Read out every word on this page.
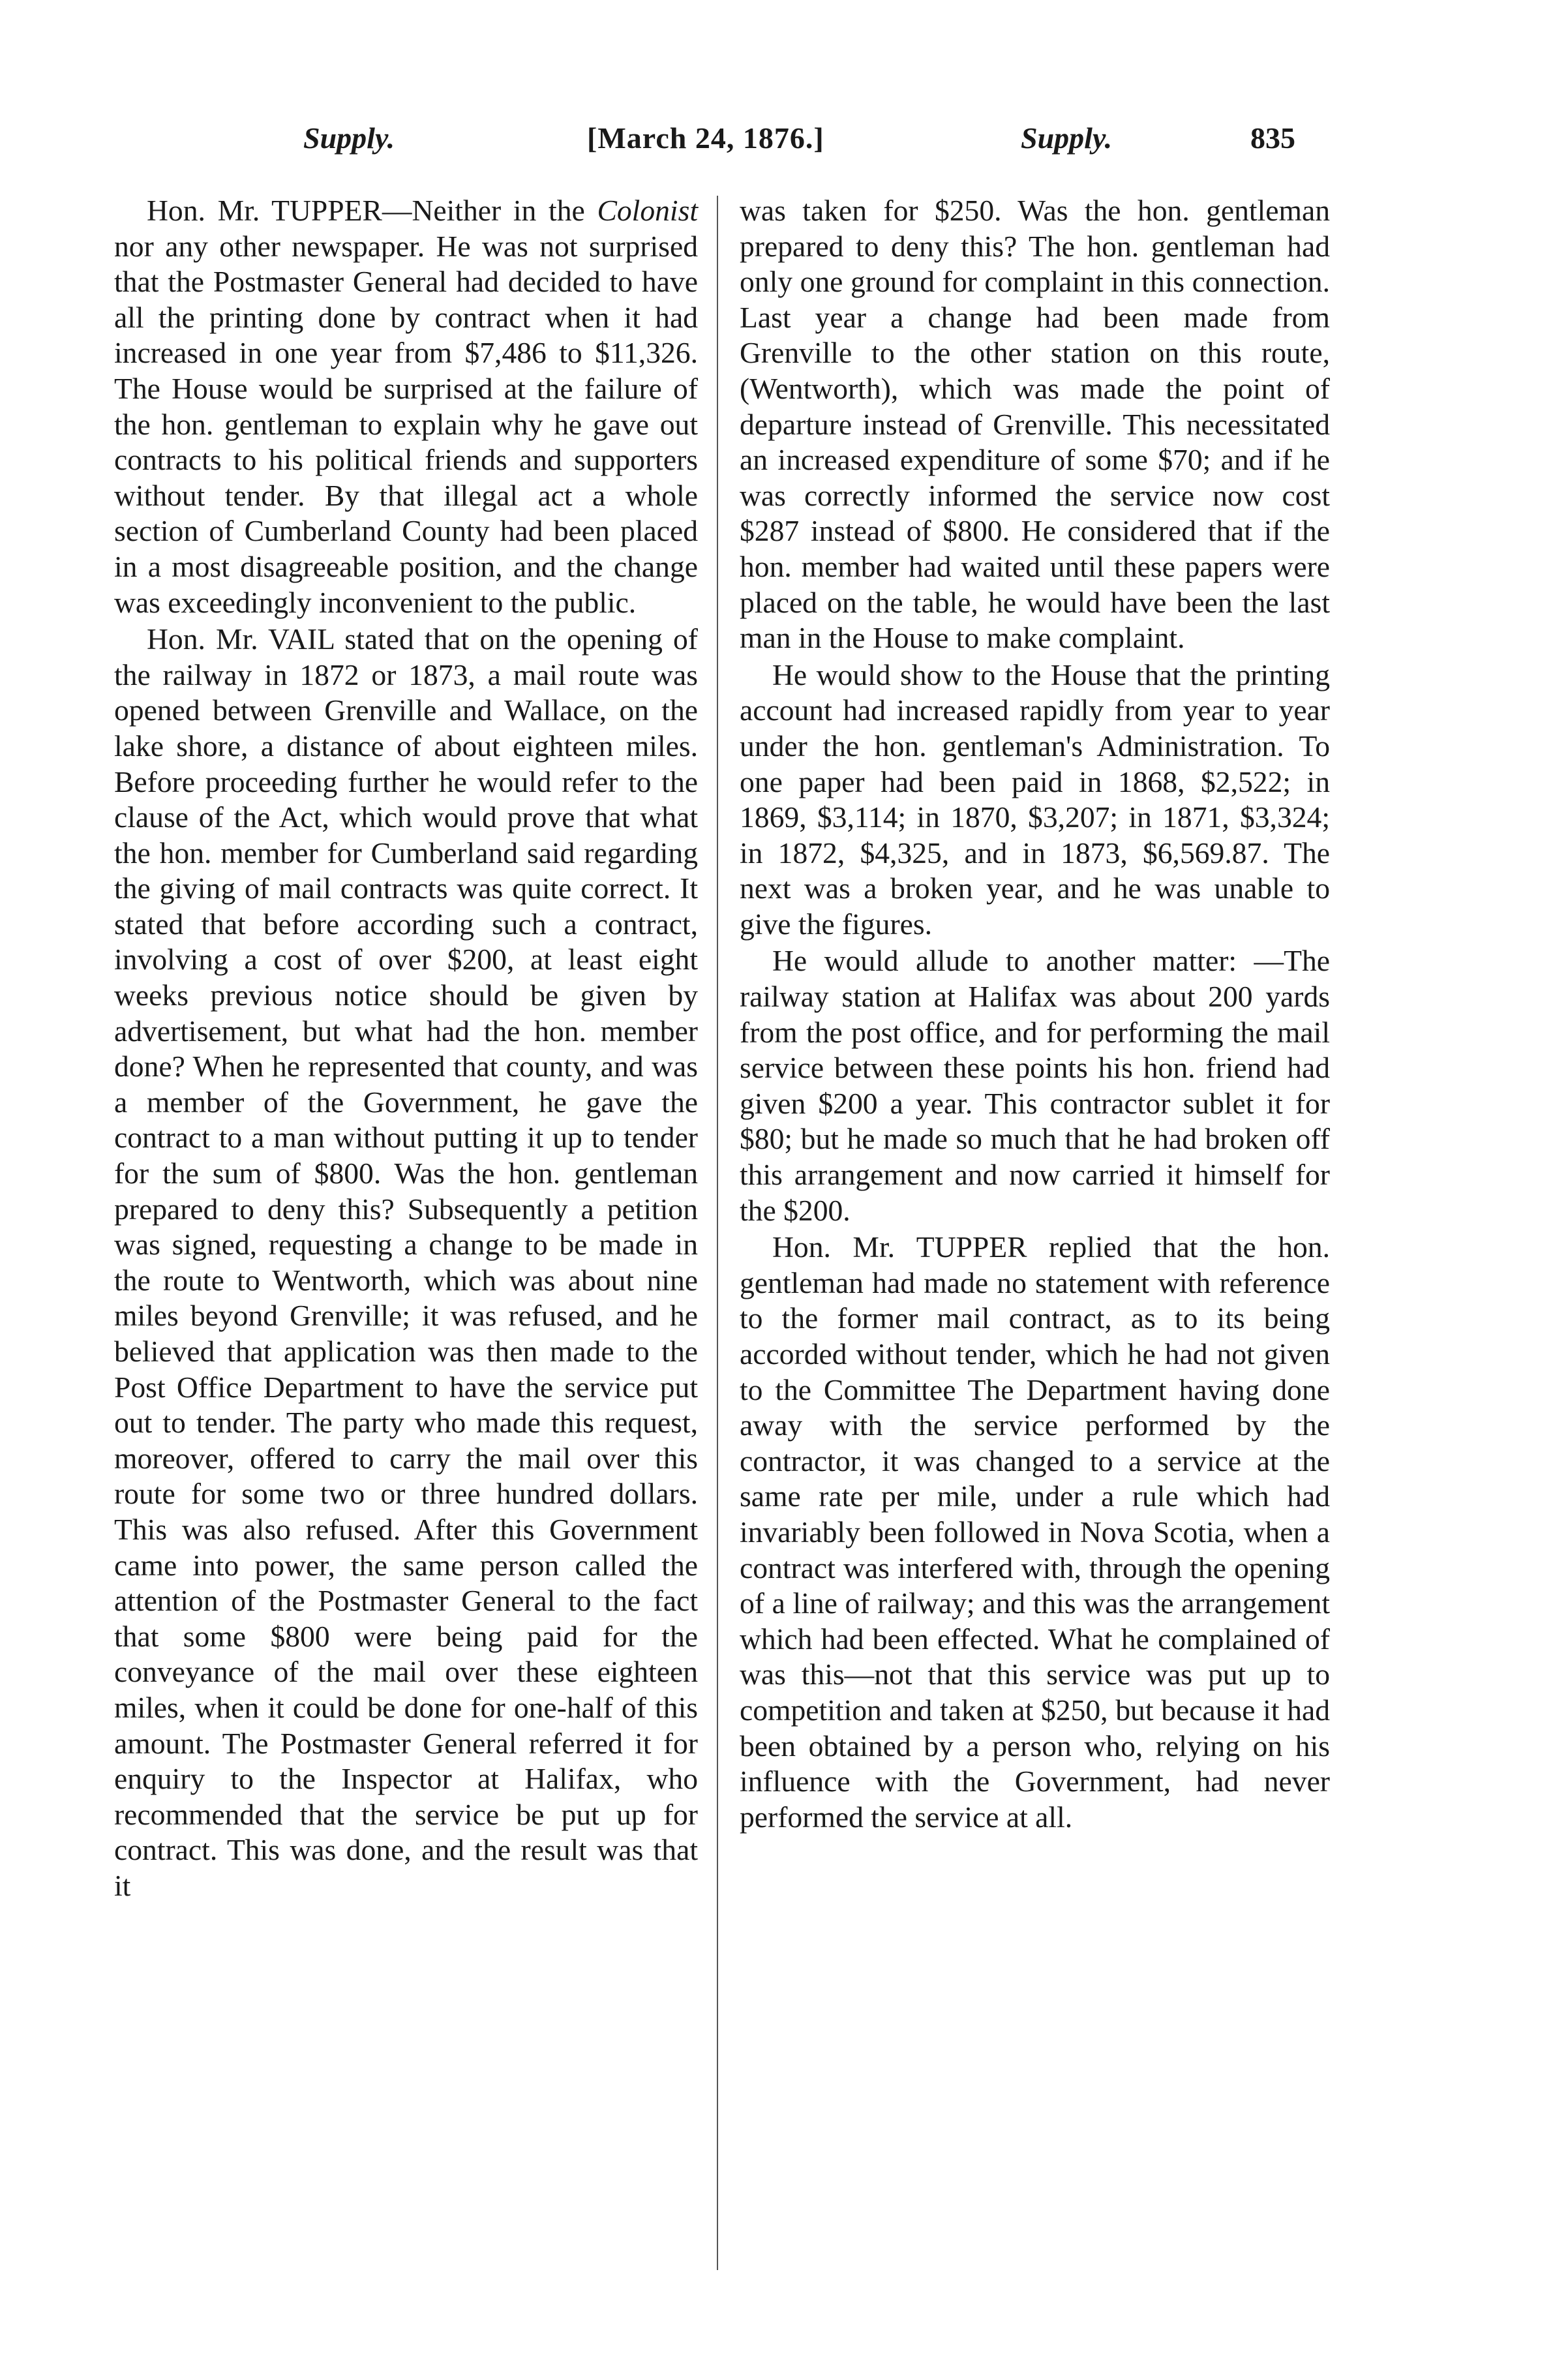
Supply.	[March 24, 1876.]	Supply.	835

Hon. Mr. TUPPER—Neither in the Colonist nor any other newspaper. He was not surprised that the Postmaster General had decided to have all the printing done by contract when it had increased in one year from $7,486 to $11,326. The House would be surprised at the failure of the hon. gentleman to explain why he gave out contracts to his political friends and supporters without tender. By that illegal act a whole section of Cumberland County had been placed in a most disagreeable position, and the change was exceedingly inconvenient to the public.

Hon. Mr. VAIL stated that on the opening of the railway in 1872 or 1873, a mail route was opened between Grenville and Wallace, on the lake shore, a distance of about eighteen miles. Before proceeding further he would refer to the clause of the Act, which would prove that what the hon. member for Cumberland said regarding the giving of mail contracts was quite correct. It stated that before according such a contract, involving a cost of over $200, at least eight weeks previous notice should be given by advertisement, but what had the hon. member done? When he represented that county, and was a member of the Government, he gave the contract to a man without putting it up to tender for the sum of $800. Was the hon. gentleman prepared to deny this? Subsequently a petition was signed, requesting a change to be made in the route to Wentworth, which was about nine miles beyond Grenville; it was refused, and he believed that application was then made to the Post Office Department to have the service put out to tender. The party who made this request, moreover, offered to carry the mail over this route for some two or three hundred dollars. This was also refused. After this Government came into power, the same person called the attention of the Postmaster General to the fact that some $800 were being paid for the conveyance of the mail over these eighteen miles, when it could be done for one-half of this amount. The Postmaster General referred it for enquiry to the Inspector at Halifax, who recommended that the service be put up for contract. This was done, and the result was that it

was taken for $250. Was the hon. gentleman prepared to deny this? The hon. gentleman had only one ground for complaint in this connection. Last year a change had been made from Grenville to the other station on this route, (Wentworth), which was made the point of departure instead of Grenville. This necessitated an increased expenditure of some $70; and if he was correctly informed the service now cost $287 instead of $800. He considered that if the hon. member had waited until these papers were placed on the table, he would have been the last man in the House to make complaint.

He would show to the House that the printing account had increased rapidly from year to year under the hon. gentleman's Administration. To one paper had been paid in 1868, $2,522; in 1869, $3,114; in 1870, $3,207; in 1871, $3,324; in 1872, $4,325, and in 1873, $6,569.87. The next was a broken year, and he was unable to give the figures.

He would allude to another matter: —The railway station at Halifax was about 200 yards from the post office, and for performing the mail service between these points his hon. friend had given $200 a year. This contractor sublet it for $80; but he made so much that he had broken off this arrangement and now carried it himself for the $200.

Hon. Mr. TUPPER replied that the hon. gentleman had made no statement with reference to the former mail contract, as to its being accorded without tender, which he had not given to the Committee The Department having done away with the service performed by the contractor, it was changed to a service at the same rate per mile, under a rule which had invariably been followed in Nova Scotia, when a contract was interfered with, through the opening of a line of railway; and this was the arrangement which had been effected. What he complained of was this—not that this service was put up to competition and taken at $250, but because it had been obtained by a person who, relying on his influence with the Government, had never performed the service at all.
